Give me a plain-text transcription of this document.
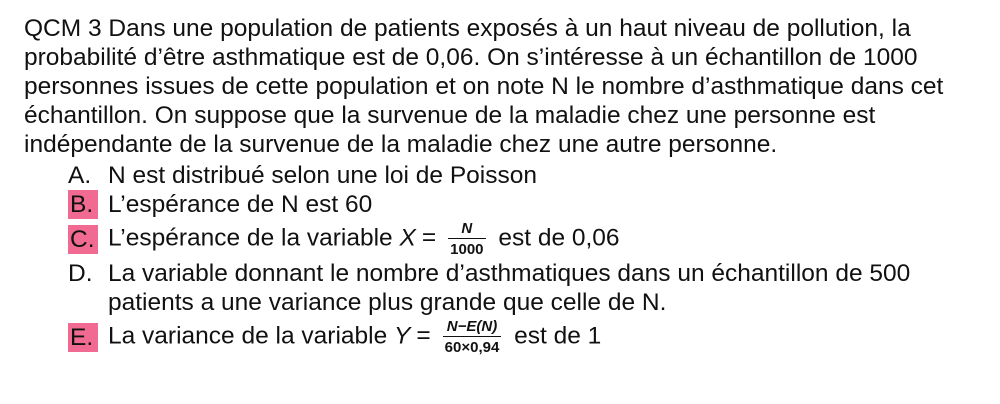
QCM 3 Dans une population de patients exposés à un haut niveau de pollution, la probabilité d’être asthmatique est de 0,06. On s’intéresse à un échantillon de 1000 personnes issues de cette population et on note N le nombre d’asthmatique dans cet échantillon. On suppose que la survenue de la maladie chez une personne est indépendante de la survenue de la maladie chez une autre personne.

A. N est distribué selon une loi de Poisson
B. L’espérance de N est 60
C. L’espérance de la variable $X = \frac{N}{1000}$ est de 0,06
D. La variable donnant le nombre d’asthmatiques dans un échantillon de 500 patients a une variance plus grande que celle de N.
E. La variance de la variable $Y = \frac{N-E(N)}{60\times 0,94}$ est de 1
